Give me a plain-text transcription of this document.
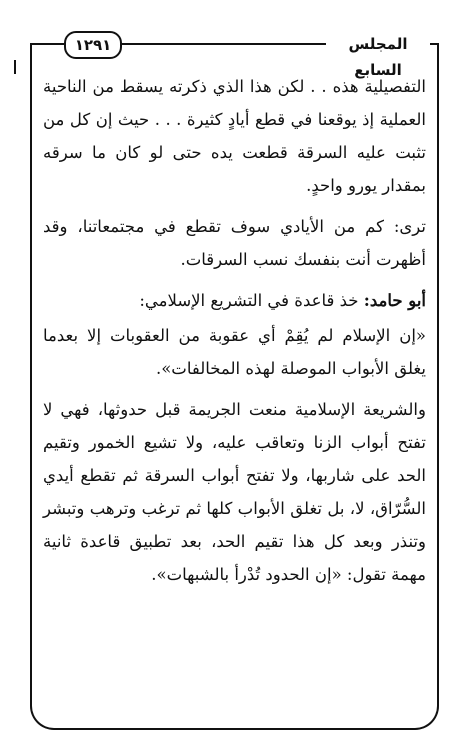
١٢٩١	المجلس السابع

التفصيلية هذه . . لكن هذا الذي ذكرته يسقط من الناحية العملية إذ يوقعنا في قطع أيادٍ كثيرة . . . حيث إن كل من تثبت عليه السرقة قطعت يده حتى لو كان ما سرقه بمقدار يورو واحدٍ.

ترى: كم من الأيادي سوف تقطع في مجتمعاتنا، وقد أظهرت أنت بنفسك نسب السرقات.

أبو حامد: خذ قاعدة في التشريع الإسلامي:

«إن الإسلام لم يُقِمْ أي عقوبة من العقوبات إلا بعدما يغلق الأبواب الموصلة لهذه المخالفات».

والشريعة الإسلامية منعت الجريمة قبل حدوثها، فهي لا تفتح أبواب الزنا وتعاقب عليه، ولا تشيع الخمور وتقيم الحد على شاربها، ولا تفتح أبواب السرقة ثم تقطع أيدي السُّرّاق، لا، بل تغلق الأبواب كلها ثم ترغب وترهب وتبشر وتنذر وبعد كل هذا تقيم الحد، بعد تطبيق قاعدة ثانية مهمة تقول: «إن الحدود تُدْرأ بالشبهات».
